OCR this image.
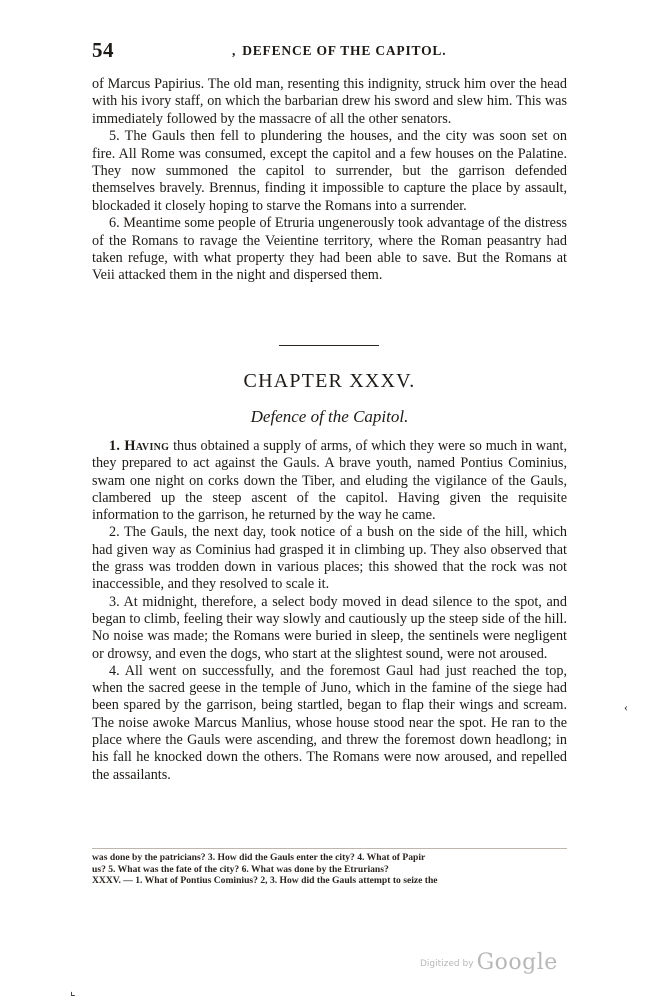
54	, DEFENCE OF THE CAPITOL.

of Marcus Papirius. The old man, resenting this indignity, struck him over the head with his ivory staff, on which the barbarian drew his sword and slew him. This was immediately followed by the massacre of all the other senators.

5. The Gauls then fell to plundering the houses, and the city was soon set on fire. All Rome was consumed, except the capitol and a few houses on the Palatine. They now summoned the capitol to surrender, but the garrison defended themselves bravely. Brennus, finding it impossible to capture the place by assault, blockaded it closely hoping to starve the Romans into a surrender.

6. Meantime some people of Etruria ungenerously took advantage of the distress of the Romans to ravage the Veientine territory, where the Roman peasantry had taken refuge, with what property they had been able to save. But the Romans at Veii attacked them in the night and dispersed them.

CHAPTER XXXV.
Defence of the Capitol.

1. Having thus obtained a supply of arms, of which they were so much in want, they prepared to act against the Gauls. A brave youth, named Pontius Cominius, swam one night on corks down the Tiber, and eluding the vigilance of the Gauls, clambered up the steep ascent of the capitol. Having given the requisite information to the garrison, he returned by the way he came.

2. The Gauls, the next day, took notice of a bush on the side of the hill, which had given way as Cominius had grasped it in climbing up. They also observed that the grass was trodden down in various places; this showed that the rock was not inaccessible, and they resolved to scale it.

3. At midnight, therefore, a select body moved in dead silence to the spot, and began to climb, feeling their way slowly and cautiously up the steep side of the hill. No noise was made; the Romans were buried in sleep, the sentinels were negligent or drowsy, and even the dogs, who start at the slightest sound, were not aroused.

4. All went on successfully, and the foremost Gaul had just reached the top, when the sacred geese in the temple of Juno, which in the famine of the siege had been spared by the garrison, being startled, began to flap their wings and scream. The noise awoke Marcus Manlius, whose house stood near the spot. He ran to the place where the Gauls were ascending, and threw the foremost down headlong; in his fall he knocked down the others. The Romans were now aroused, and repelled the assailants.

was done by the patricians? 3. How did the Gauls enter the city? 4. What of Papir

us? 5. What was the fate of the city? 6. What was done by the Etrurians?

XXXV. — 1. What of Pontius Cominius? 2, 3. How did the Gauls attempt to seize the

‹
⌞
Digitized by Google
